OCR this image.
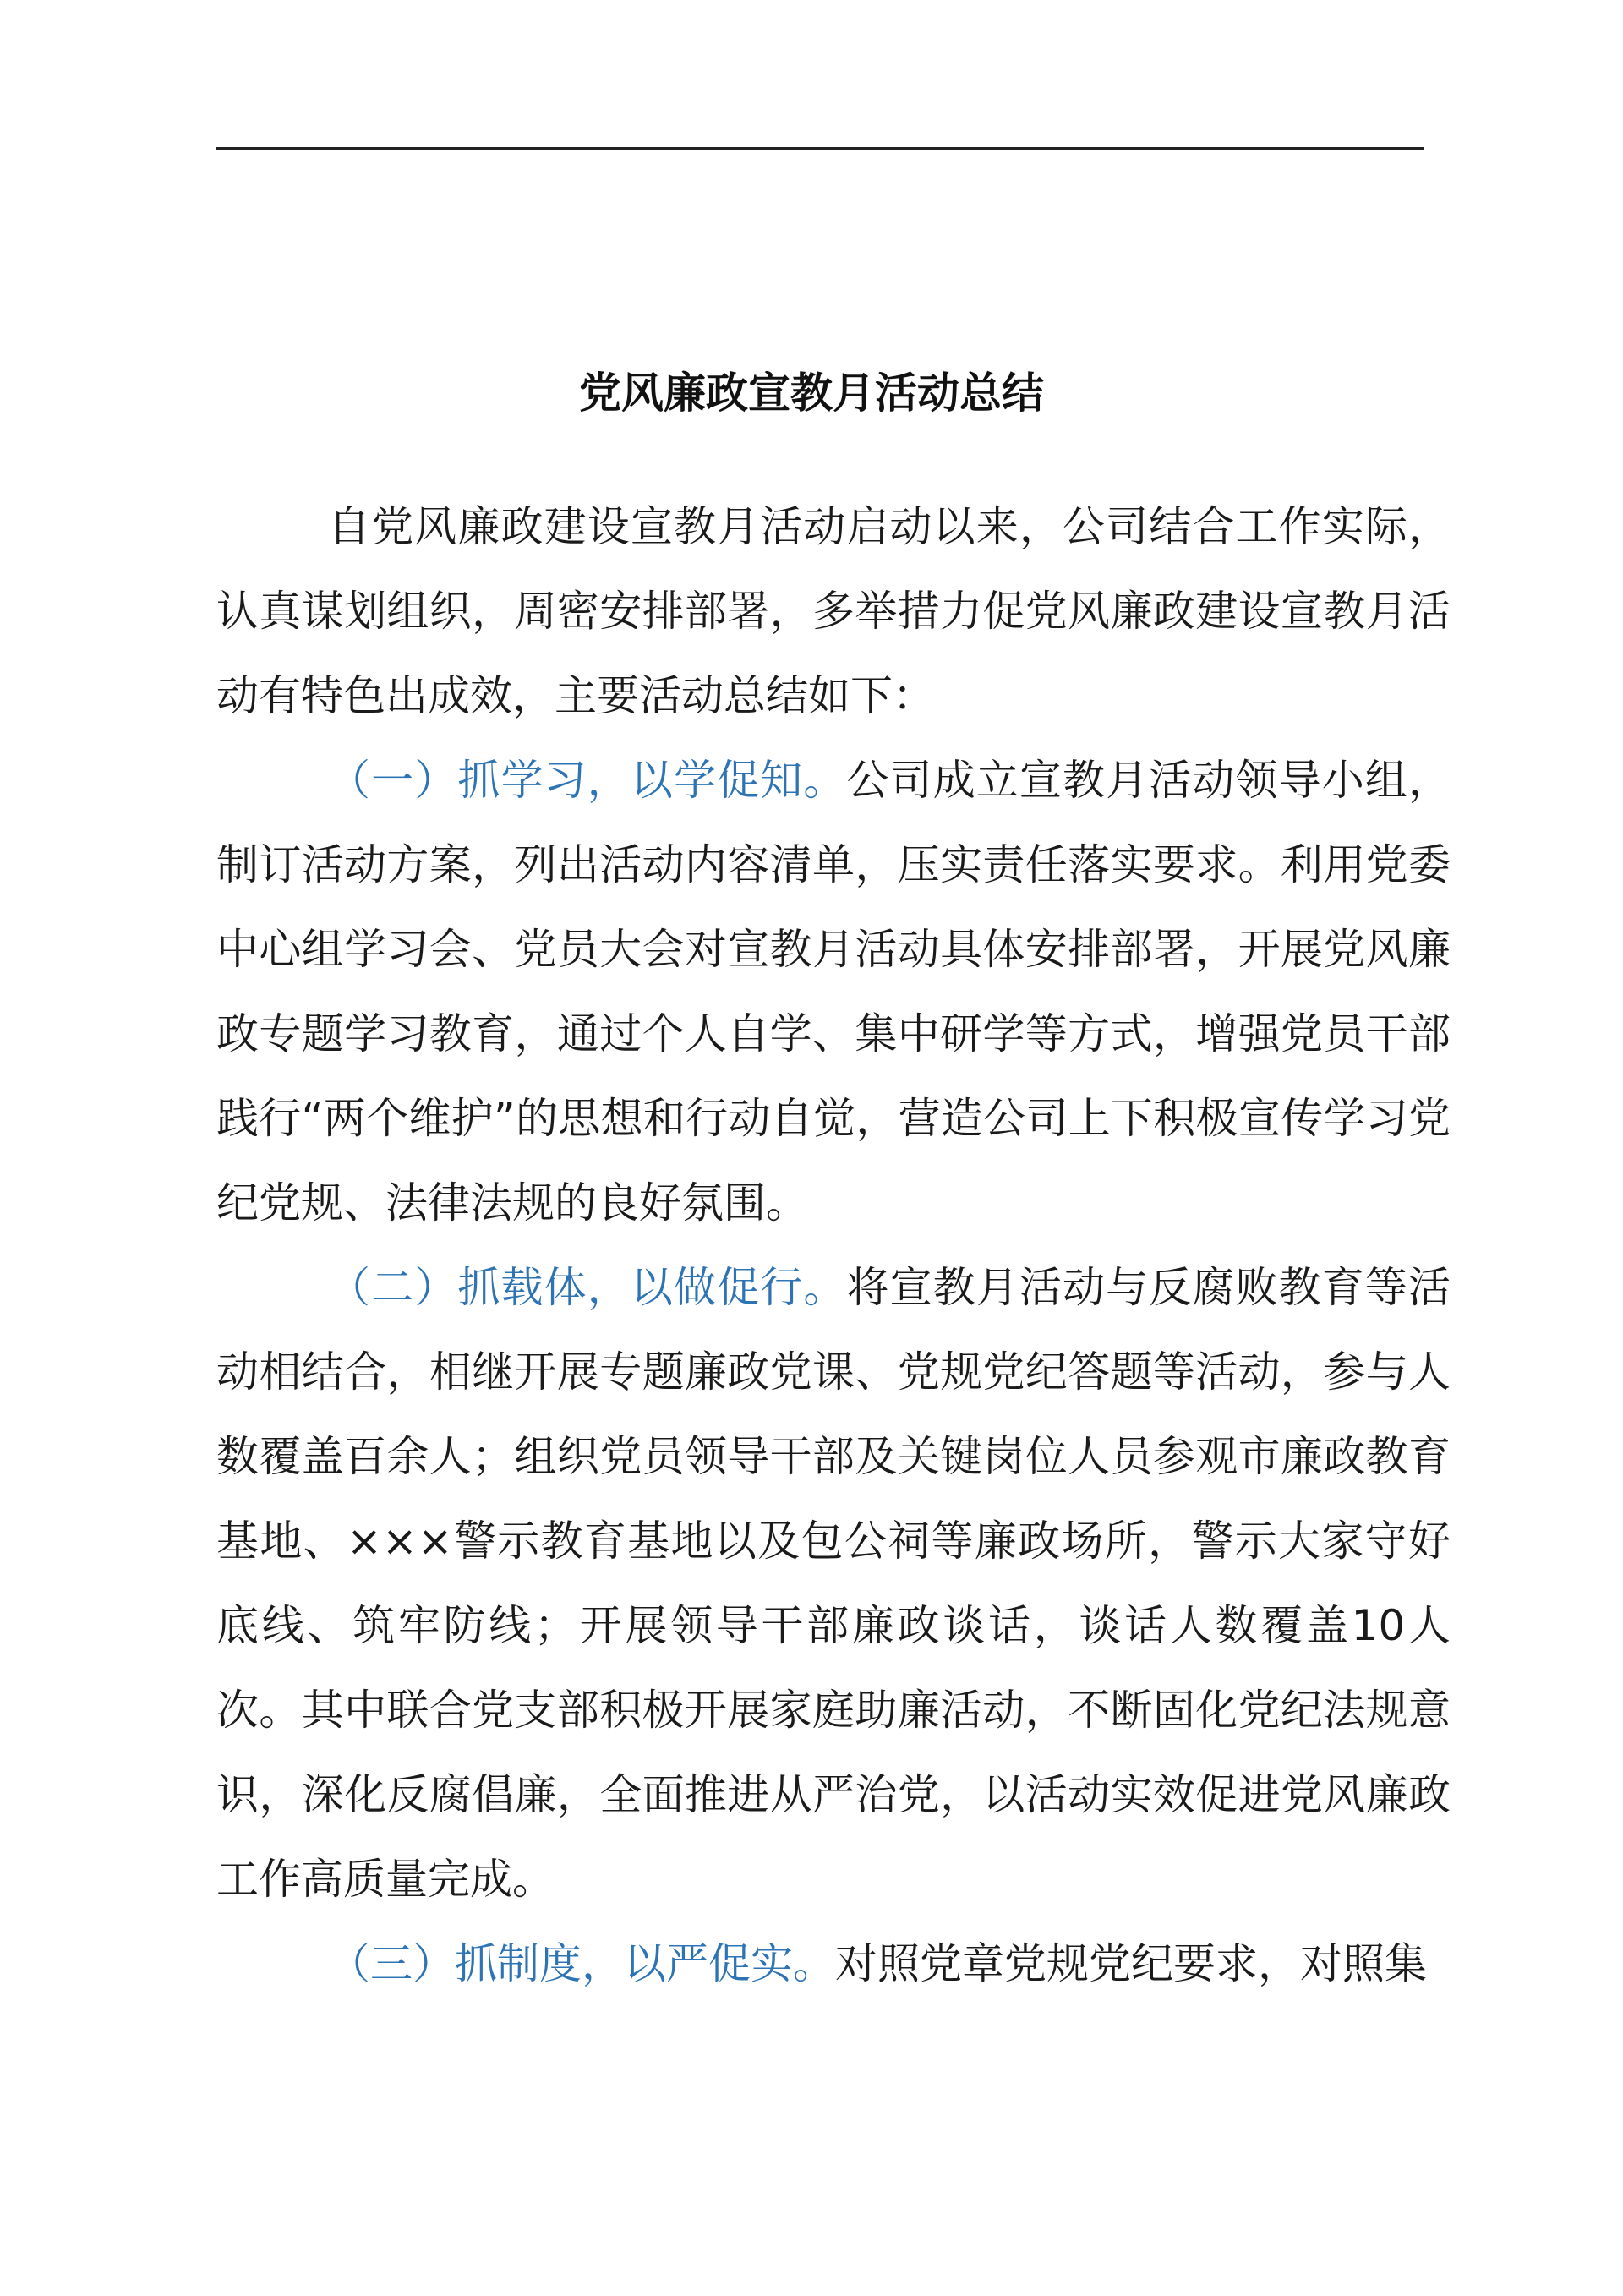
党风廉政宣教月活动总结

自党风廉政建设宣教月活动启动以来，公司结合工作实际，认真谋划组织，周密安排部署，多举措力促党风廉政建设宣教月活动有特色出成效，主要活动总结如下：

（一）抓学习，以学促知。公司成立宣教月活动领导小组，制订活动方案，列出活动内容清单，压实责任落实要求。利用党委中心组学习会、党员大会对宣教月活动具体安排部署，开展党风廉政专题学习教育，通过个人自学、集中研学等方式，增强党员干部践行“两个维护”的思想和行动自觉，营造公司上下积极宣传学习党纪党规、法律法规的良好氛围。

（二）抓载体，以做促行。将宣教月活动与反腐败教育等活动相结合，相继开展专题廉政党课、党规党纪答题等活动，参与人数覆盖百余人；组织党员领导干部及关键岗位人员参观市廉政教育基地、×××警示教育基地以及包公祠等廉政场所，警示大家守好底线、筑牢防线；开展领导干部廉政谈话，谈话人数覆盖10人次。其中联合党支部积极开展家庭助廉活动，不断固化党纪法规意识，深化反腐倡廉，全面推进从严治党，以活动实效促进党风廉政工作高质量完成。

（三）抓制度，以严促实。对照党章党规党纪要求，对照集
